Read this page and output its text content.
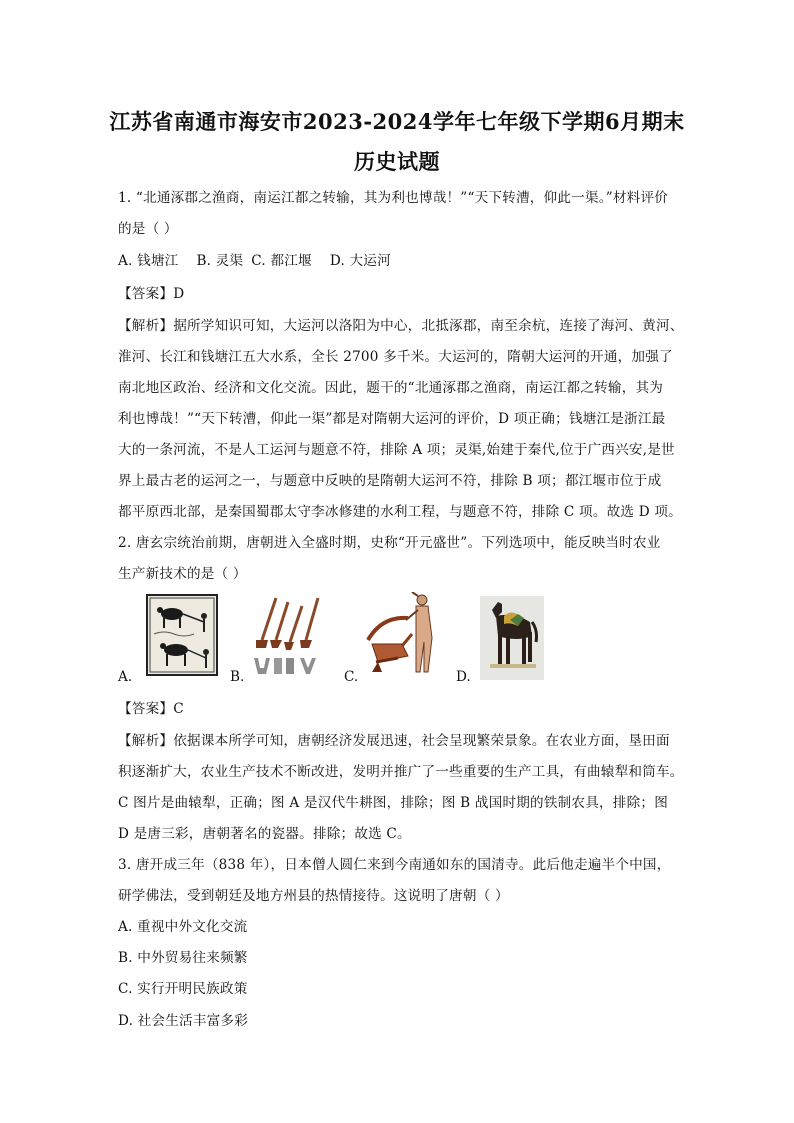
江苏省南通市海安市2023-2024学年七年级下学期6月期末
历史试题
1. “北通涿郡之渔商，南运江都之转输，其为利也博哉！”“天下转漕，仰此一渠。”材料评价
的是（ ）
A. 钱塘江 B. 灵渠 C. 都江堰 D. 大运河
【答案】D
【解析】据所学知识可知，大运河以洛阳为中心，北抵涿郡，南至余杭，连接了海河、黄河、
淮河、长江和钱塘江五大水系，全长 2700 多千米。大运河的，隋朝大运河的开通，加强了
南北地区政治、经济和文化交流。因此，题干的“北通涿郡之渔商，南运江都之转输，其为
利也博哉！”“天下转漕，仰此一渠”都是对隋朝大运河的评价，D 项正确；钱塘江是浙江最
大的一条河流，不是人工运河与题意不符，排除 A 项；灵渠,始建于秦代,位于广西兴安,是世
界上最古老的运河之一，与题意中反映的是隋朝大运河不符，排除 B 项；都江堰市位于成
都平原西北部，是秦国蜀郡太守李冰修建的水利工程，与题意不符，排除 C 项。故选 D 项。
2. 唐玄宗统治前期，唐朝进入全盛时期，史称“开元盛世”。下列选项中，能反映当时农业
生产新技术的是（ ）
A.	B.	C.	D.
【答案】C
【解析】依据课本所学可知，唐朝经济发展迅速，社会呈现繁荣景象。在农业方面，垦田面
积逐渐扩大，农业生产技术不断改进，发明并推广了一些重要的生产工具，有曲辕犁和筒车。
C 图片是曲辕犁，正确；图 A 是汉代牛耕图，排除；图 B 战国时期的铁制农具，排除；图
D 是唐三彩，唐朝著名的瓷器。排除；故选 C。
3. 唐开成三年（838 年），日本僧人圆仁来到今南通如东的国清寺。此后他走遍半个中国，
研学佛法，受到朝廷及地方州县的热情接待。这说明了唐朝（ ）
A. 重视中外文化交流
B. 中外贸易往来频繁
C. 实行开明民族政策
D. 社会生活丰富多彩
